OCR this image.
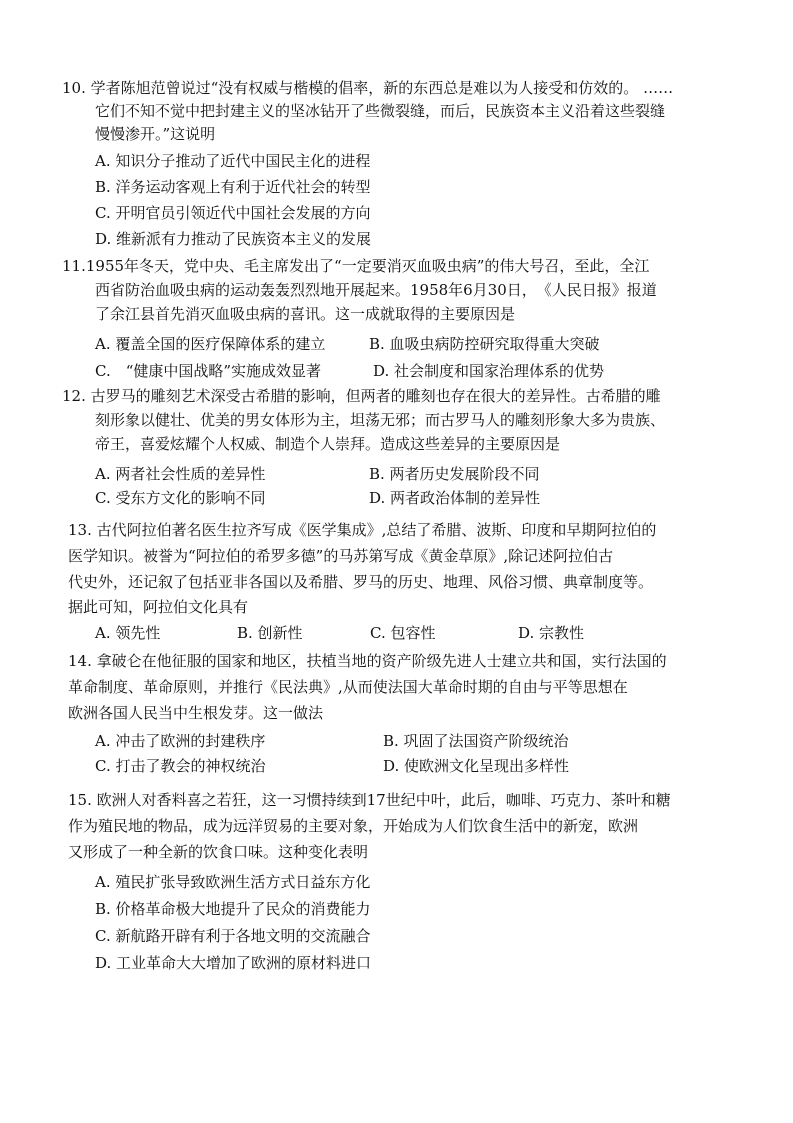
10. 学者陈旭范曾说过“没有权威与楷模的倡率，新的东西总是难以为人接受和仿效的。 ……
它们不知不觉中把封建主义的坚冰钻开了些微裂缝，而后，民族资本主义沿着这些裂缝
慢慢渗开。”这说明
A. 知识分子推动了近代中国民主化的进程
B. 洋务运动客观上有利于近代社会的转型
C. 开明官员引领近代中国社会发展的方向
D. 维新派有力推动了民族资本主义的发展
11.1955年冬天，党中央、毛主席发出了“一定要消灭血吸虫病”的伟大号召，至此，全江
西省防治血吸虫病的运动轰轰烈烈地开展起来。1958年6月30日，　《人民日报》报道
了余江县首先消灭血吸虫病的喜讯。这一成就取得的主要原因是
A. 覆盖全国的医疗保障体系的建立	B. 血吸虫病防控研究取得重大突破
C.　“健康中国战略”实施成效显著	D. 社会制度和国家治理体系的优势
12. 古罗马的雕刻艺术深受古希腊的影响，但两者的雕刻也存在很大的差异性。古希腊的雕
刻形象以健壮、优美的男女体形为主，坦荡无邪；而古罗马人的雕刻形象大多为贵族、
帝王，喜爱炫耀个人权威、制造个人崇拜。造成这些差异的主要原因是
A. 两者社会性质的差异性	B. 两者历史发展阶段不同
C. 受东方文化的影响不同	D. 两者政治体制的差异性
13. 古代阿拉伯著名医生拉齐写成《医学集成》,总结了希腊、波斯、印度和早期阿拉伯的
医学知识。被誉为“阿拉伯的希罗多德”的马苏第写成《黄金草原》,除记述阿拉伯古
代史外，还记叙了包括亚非各国以及希腊、罗马的历史、地理、风俗习惯、典章制度等。
据此可知，阿拉伯文化具有
A. 领先性	B. 创新性	C. 包容性	D. 宗教性
14. 拿破仑在他征服的国家和地区，扶植当地的资产阶级先进人士建立共和国，实行法国的
革命制度、革命原则，并推行《民法典》,从而使法国大革命时期的自由与平等思想在
欧洲各国人民当中生根发芽。这一做法
A. 冲击了欧洲的封建秩序	B. 巩固了法国资产阶级统治
C. 打击了教会的神权统治	D. 使欧洲文化呈现出多样性
15. 欧洲人对香料喜之若狂，这一习惯持续到17世纪中叶，此后，咖啡、巧克力、茶叶和糖
作为殖民地的物品，成为远洋贸易的主要对象，开始成为人们饮食生活中的新宠，欧洲
又形成了一种全新的饮食口味。这种变化表明
A. 殖民扩张导致欧洲生活方式日益东方化
B. 价格革命极大地提升了民众的消费能力
C. 新航路开辟有利于各地文明的交流融合
D. 工业革命大大增加了欧洲的原材料进口
